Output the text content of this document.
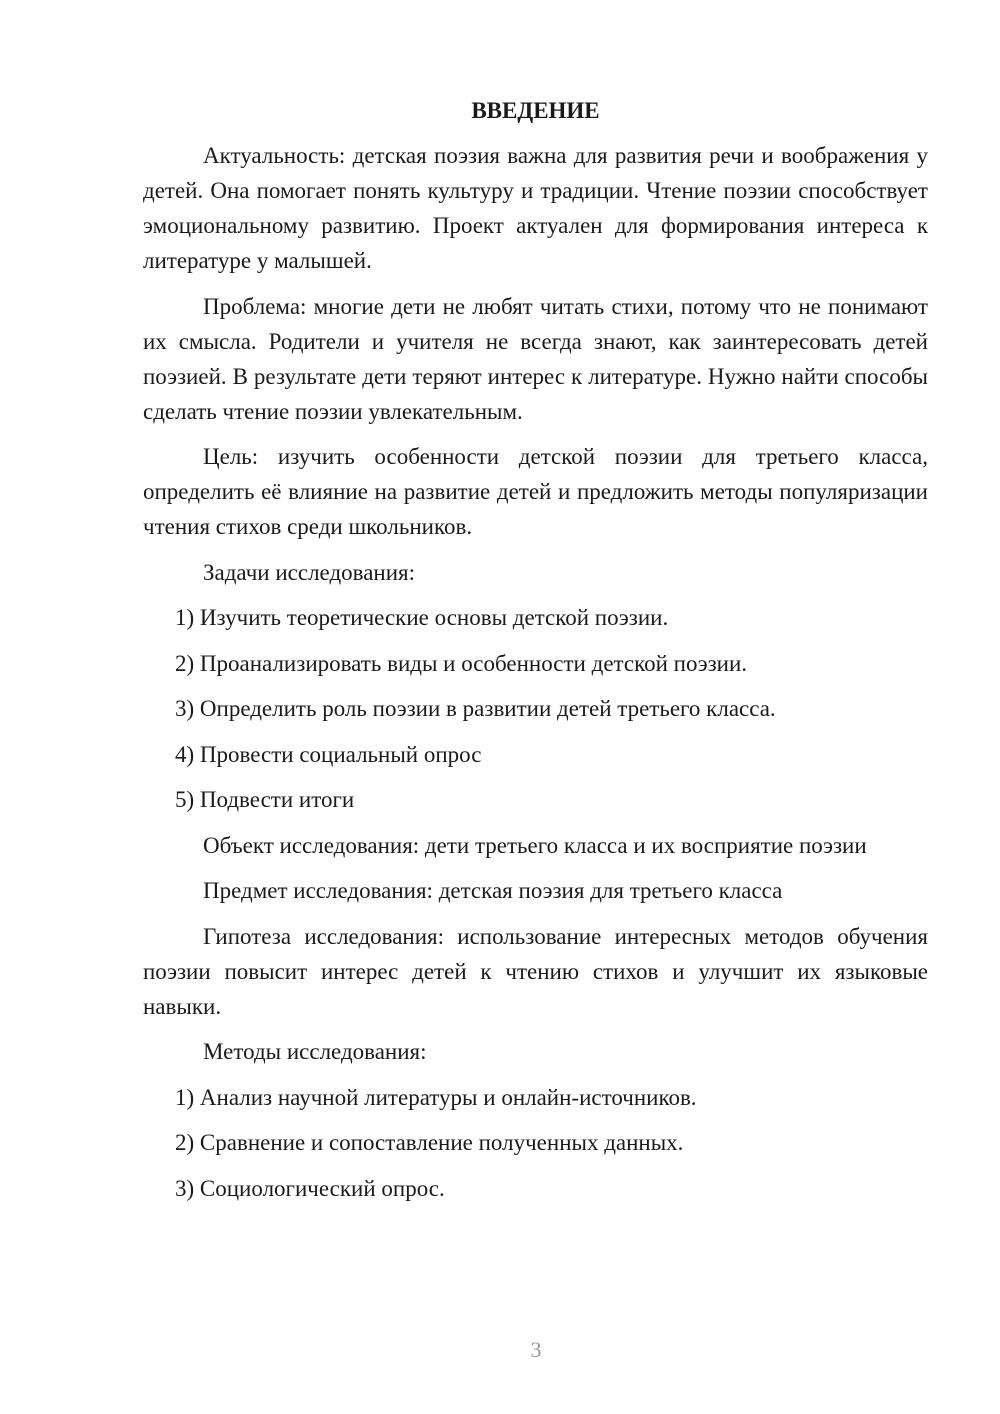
ВВЕДЕНИЕ

Актуальность: детская поэзия важна для развития речи и воображения у детей. Она помогает понять культуру и традиции. Чтение поэзии способствует эмоциональному развитию. Проект актуален для формирования интереса к литературе у малышей.

Проблема: многие дети не любят читать стихи, потому что не понимают их смысла. Родители и учителя не всегда знают, как заинтересовать детей поэзией. В результате дети теряют интерес к литературе. Нужно найти способы сделать чтение поэзии увлекательным.

Цель: изучить особенности детской поэзии для третьего класса, определить её влияние на развитие детей и предложить методы популяризации чтения стихов среди школьников.

Задачи исследования:

1) Изучить теоретические основы детской поэзии.

2) Проанализировать виды и особенности детской поэзии.

3) Определить роль поэзии в развитии детей третьего класса.

4) Провести социальный опрос

5) Подвести итоги

Объект исследования: дети третьего класса и их восприятие поэзии

Предмет исследования: детская поэзия для третьего класса

Гипотеза исследования: использование интересных методов обучения поэзии повысит интерес детей к чтению стихов и улучшит их языковые навыки.

Методы исследования:

1) Анализ научной литературы и онлайн-источников.

2) Сравнение и сопоставление полученных данных.

3) Социологический опрос.

3
